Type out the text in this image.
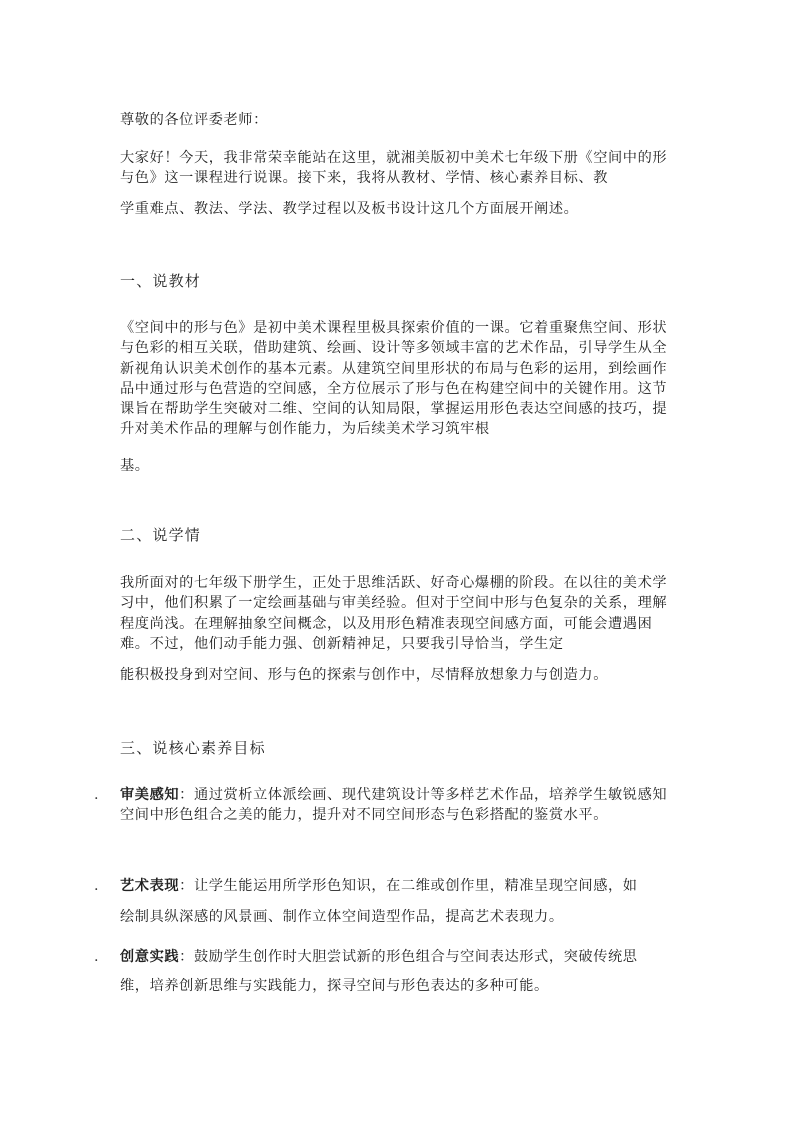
尊敬的各位评委老师：

大家好！今天，我非常荣幸能站在这里，就湘美版初中美术七年级下册《空间中的形与色》这一课程进行说课。接下来，我将从教材、学情、核心素养目标、教

学重难点、教法、学法、教学过程以及板书设计这几个方面展开阐述。

一、说教材

《空间中的形与色》是初中美术课程里极具探索价值的一课。它着重聚焦空间、形状与色彩的相互关联，借助建筑、绘画、设计等多领域丰富的艺术作品，引导学生从全新视角认识美术创作的基本元素。从建筑空间里形状的布局与色彩的运用，到绘画作品中通过形与色营造的空间感，全方位展示了形与色在构建空间中的关键作用。这节课旨在帮助学生突破对二维、空间的认知局限，掌握运用形色表达空间感的技巧，提升对美术作品的理解与创作能力，为后续美术学习筑牢根

基。

二、说学情

我所面对的七年级下册学生，正处于思维活跃、好奇心爆棚的阶段。在以往的美术学习中，他们积累了一定绘画基础与审美经验。但对于空间中形与色复杂的关系，理解程度尚浅。在理解抽象空间概念，以及用形色精准表现空间感方面，可能会遭遇困难。不过，他们动手能力强、创新精神足，只要我引导恰当，学生定

能积极投身到对空间、形与色的探索与创作中，尽情释放想象力与创造力。

三、说核心素养目标
. 审美感知：通过赏析立体派绘画、现代建筑设计等多样艺术作品，培养学生敏锐感知空间中形色组合之美的能力，提升对不同空间形态与色彩搭配的鉴赏水平。
. 艺术表现：让学生能运用所学形色知识，在二维或创作里，精准呈现空间感，如
绘制具纵深感的风景画、制作立体空间造型作品，提高艺术表现力。
. 创意实践：鼓励学生创作时大胆尝试新的形色组合与空间表达形式，突破传统思
维，培养创新思维与实践能力，探寻空间与形色表达的多种可能。
